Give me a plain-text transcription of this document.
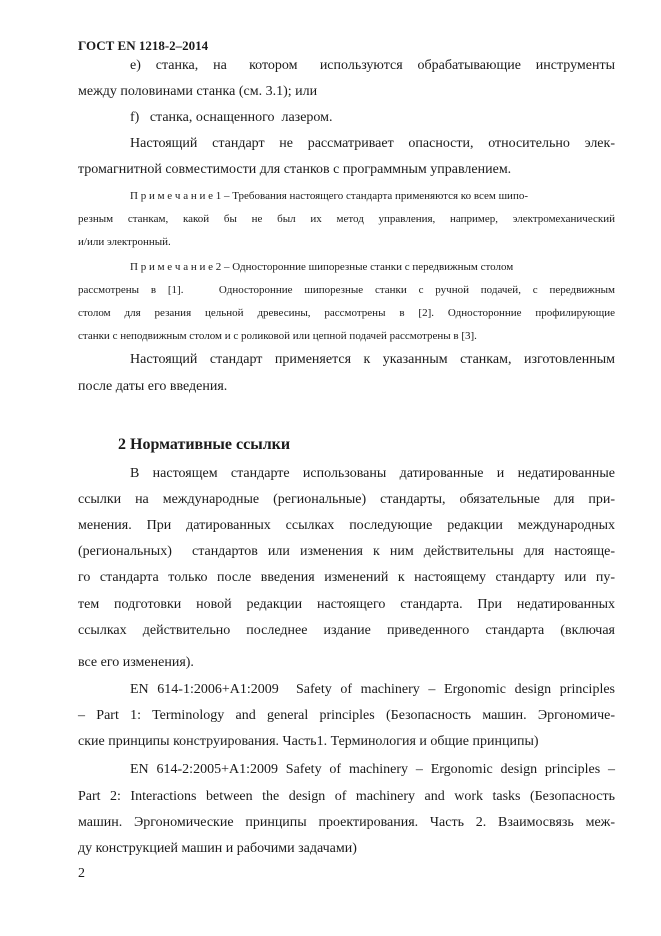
ГОСТ EN 1218-2–2014
e)  станка,  на   котором   используются  обрабатывающие  инструменты
между половинами станка (см. 3.1); или
f)   станка, оснащенного  лазером.
Настоящий  стандарт  не  рассматривает  опасности,  относительно  элек-
тромагнитной совместимости для станков с программным управлением.
П р и м е ч а н и е 1 – Требования настоящего стандарта применяются ко всем шипо-
резным  станкам,  какой  бы  не  был  их  метод  управления,  например,  электромеханический
и/или электронный.
П р и м е ч а н и е 2 – Односторонние шипорезные станки с передвижным столом
рассмотрены в [1].   Односторонние шипорезные станки с ручной подачей, с передвижным
столом для резания цельной древесины, рассмотрены в [2]. Односторонние профилирующие
станки с неподвижным столом и с роликовой или цепной подачей рассмотрены в [3].
Настоящий  стандарт  применяется  к  указанным  станкам,  изготовленным
после даты его введения.
2 Нормативные ссылки
В  настоящем  стандарте  использованы  датированные  и  недатированные
ссылки  на  международные  (региональные)  стандарты,  обязательные  для  при-
менения.  При  датированных  ссылках  последующие  редакции  международных
(региональных)  стандартов или изменения к ним действительны для настояще-
го стандарта только после введения изменений к настоящему стандарту или пу-
тем  подготовки  новой  редакции  настоящего  стандарта.  При  недатированных
ссылках  действительно  последнее  издание  приведенного  стандарта  (включая
все его изменения).
EN 614-1:2006+A1:2009  Safety of machinery – Ergonomic design principles
– Part 1: Terminology and general principles (Безопасность машин. Эргономиче-
ские принципы конструирования. Часть1. Терминология и общие принципы)
EN 614-2:2005+A1:2009 Safety of machinery – Ergonomic design principles –
Part 2: Interactions between the design of machinery and work tasks (Безопасность
машин. Эргономические принципы проектирования. Часть 2. Взаимосвязь меж-
ду конструкцией машин и рабочими задачами)
2
